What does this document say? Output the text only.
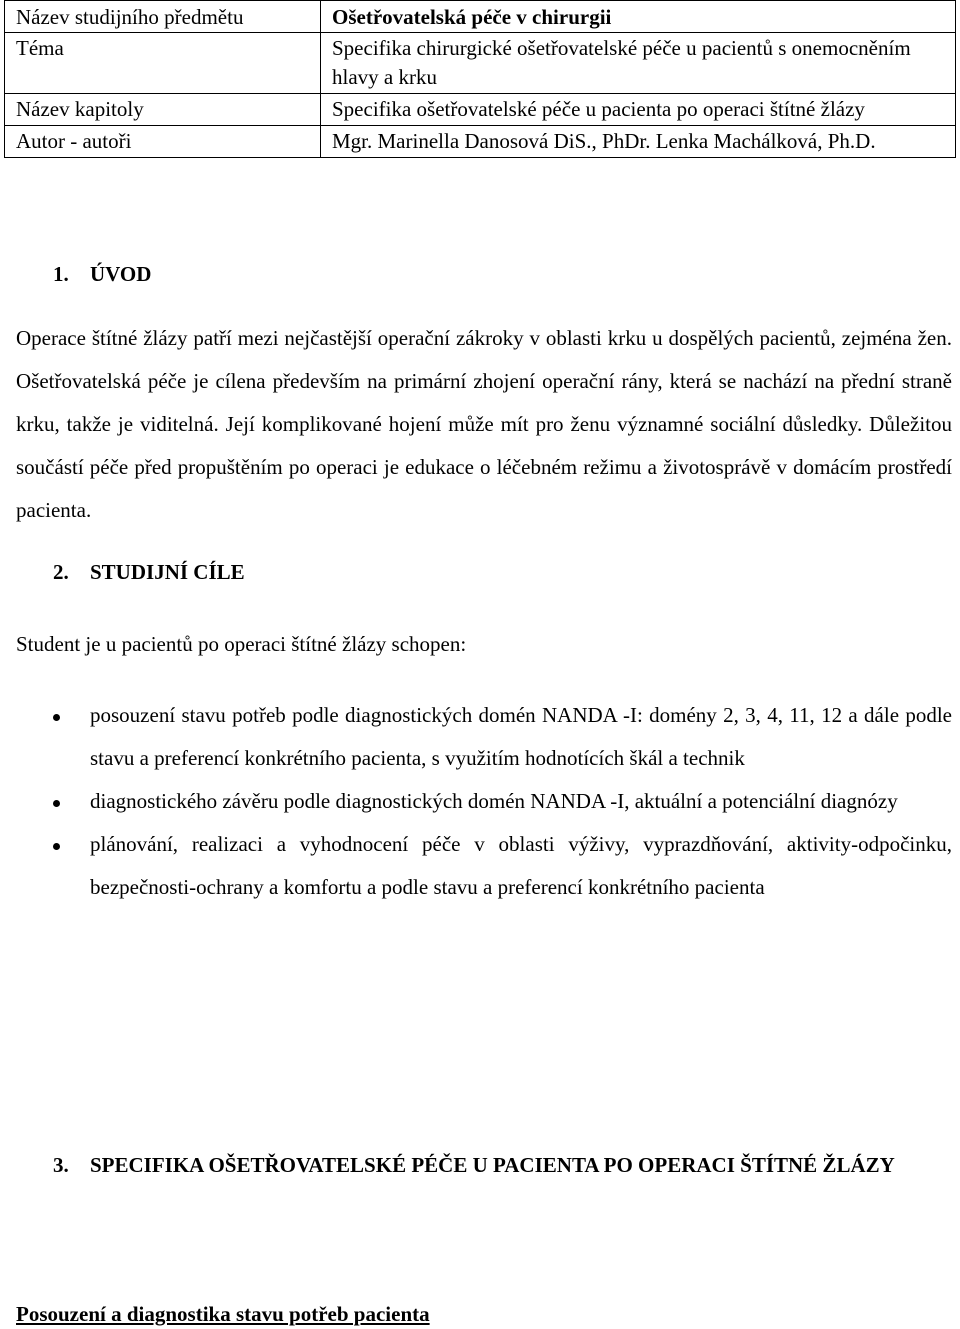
Název studijního předmětu	Ošetřovatelská péče v chirurgii
Téma	Specifika chirurgické ošetřovatelské péče u pacientů s onemocněním hlavy a krku
Název kapitoly	Specifika ošetřovatelské péče u pacienta po operaci štítné žlázy
Autor - autoři	Mgr. Marinella Danosová DiS., PhDr. Lenka Machálková, Ph.D.
1. ÚVOD

Operace štítné žlázy patří mezi nejčastější operační zákroky v oblasti krku u dospělých pacientů, zejména žen. Ošetřovatelská péče je cílena především na primární zhojení operační rány, která se nachází na přední straně krku, takže je viditelná. Její komplikované hojení může mít pro ženu významné sociální důsledky. Důležitou součástí péče před propuštěním po operaci je edukace o léčebném režimu a životosprávě v domácím prostředí pacienta.

2. STUDIJNÍ CÍLE

Student je u pacientů po operaci štítné žlázy schopen:

posouzení stavu potřeb podle diagnostických domén NANDA -I: domény 2, 3, 4, 11, 12 a dále podle stavu a preferencí konkrétního pacienta, s využitím hodnotících škál a technik
diagnostického závěru podle diagnostických domén NANDA -I, aktuální a potenciální diagnózy
plánování, realizaci a vyhodnocení péče v oblasti výživy, vyprazdňování, aktivity-odpočinku, bezpečnosti-ochrany a komfortu a podle stavu a preferencí konkrétního pacienta
3. SPECIFIKA OŠETŘOVATELSKÉ PÉČE U PACIENTA PO OPERACI ŠTÍTNÉ ŽLÁZY
Posouzení a diagnostika stavu potřeb pacienta
